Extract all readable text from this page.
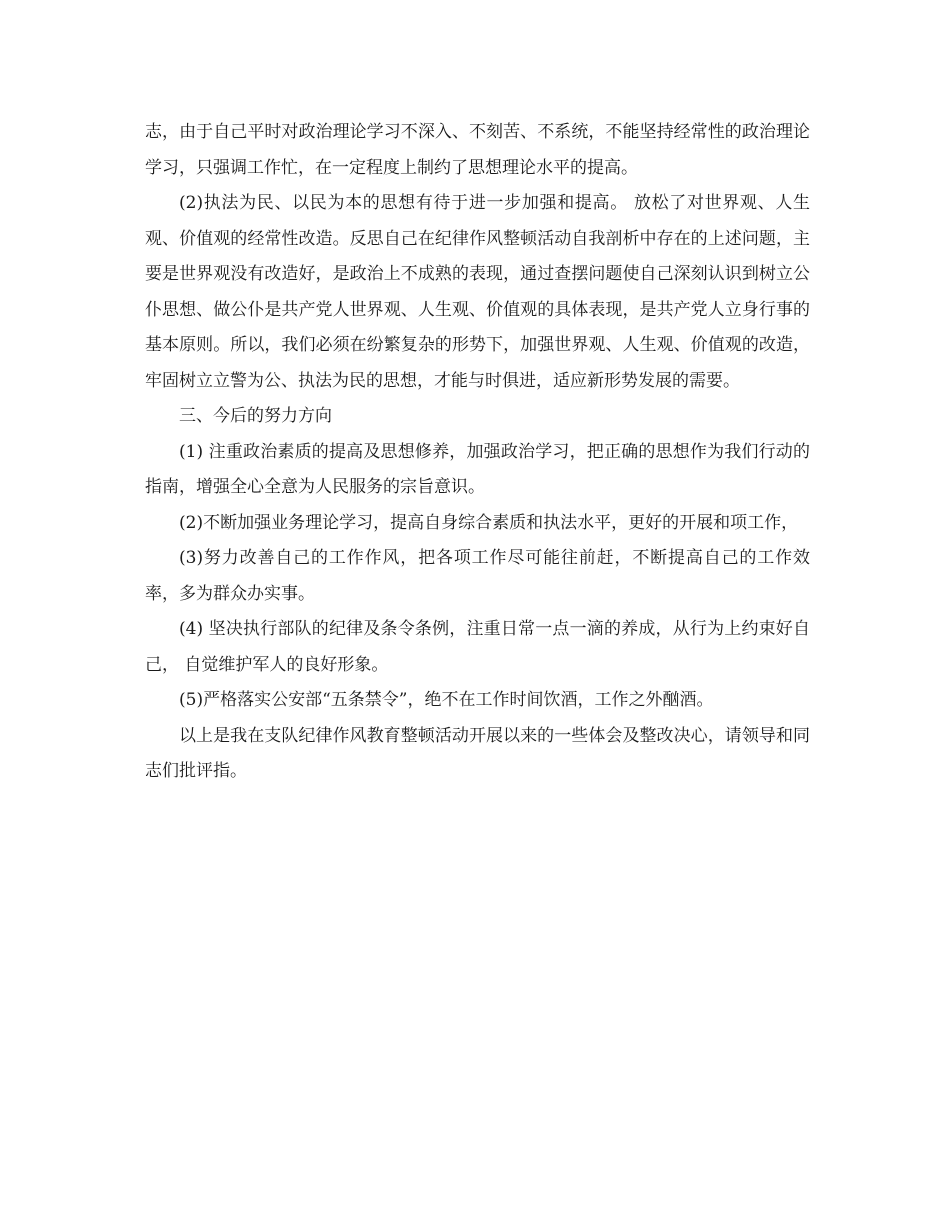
志，由于自己平时对政治理论学习不深入、不刻苦、不系统，不能坚持经常性的政治理论学习，只强调工作忙，在一定程度上制约了思想理论水平的提高。

(2)执法为民、以民为本的思想有待于进一步加强和提高。 放松了对世界观、人生观、价值观的经常性改造。反思自己在纪律作风整顿活动自我剖析中存在的上述问题，主要是世界观没有改造好，是政治上不成熟的表现，通过查摆问题使自己深刻认识到树立公仆思想、做公仆是共产党人世界观、人生观、价值观的具体表现，是共产党人立身行事的基本原则。所以，我们必须在纷繁复杂的形势下，加强世界观、人生观、价值观的改造，牢固树立立警为公、执法为民的思想，才能与时俱进，适应新形势发展的需要。

三、今后的努力方向

(1) 注重政治素质的提高及思想修养，加强政治学习，把正确的思想作为我们行动的指南，增强全心全意为人民服务的宗旨意识。

(2)不断加强业务理论学习，提高自身综合素质和执法水平，更好的开展和项工作，

(3)努力改善自己的工作作风，把各项工作尽可能往前赶，不断提高自己的工作效率，多为群众办实事。

(4) 坚决执行部队的纪律及条令条例，注重日常一点一滴的养成，从行为上约束好自己， 自觉维护军人的良好形象。

(5)严格落实公安部“五条禁令”，绝不在工作时间饮酒，工作之外酗酒。

以上是我在支队纪律作风教育整顿活动开展以来的一些体会及整改决心，请领导和同志们批评指。
